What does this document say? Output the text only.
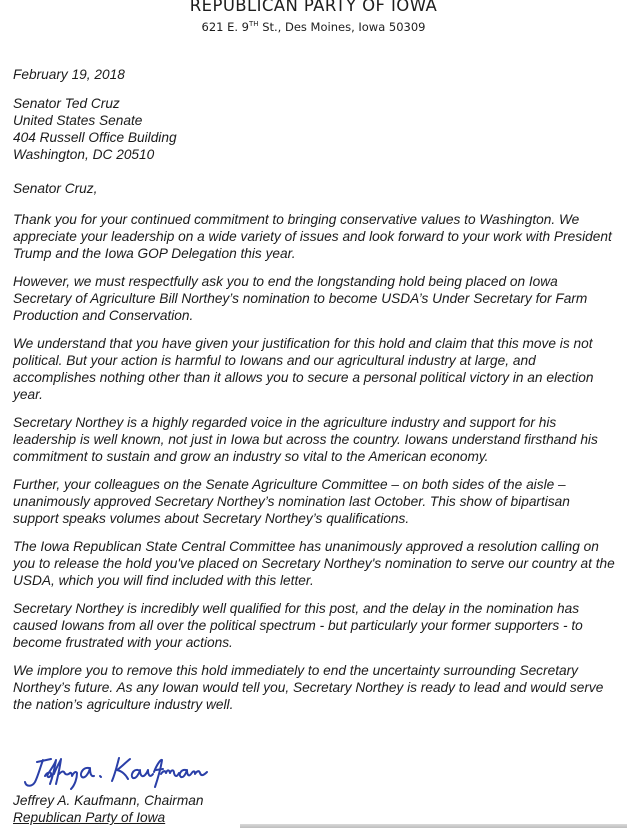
REPUBLICAN PARTY OF IOWA
621 E. 9TH St., Des Moines, Iowa 50309
February 19, 2018
Senator Ted Cruz
United States Senate
404 Russell Office Building
Washington, DC 20510
Senator Cruz,

Thank you for your continued commitment to bringing conservative values to Washington. We appreciate your leadership on a wide variety of issues and look forward to your work with President Trump and the Iowa GOP Delegation this year.

However, we must respectfully ask you to end the longstanding hold being placed on Iowa Secretary of Agriculture Bill Northey’s nomination to become USDA’s Under Secretary for Farm Production and Conservation.

We understand that you have given your justification for this hold and claim that this move is not political. But your action is harmful to Iowans and our agricultural industry at large, and accomplishes nothing other than it allows you to secure a personal political victory in an election year.

Secretary Northey is a highly regarded voice in the agriculture industry and support for his leadership is well known, not just in Iowa but across the country. Iowans understand firsthand his commitment to sustain and grow an industry so vital to the American economy.

Further, your colleagues on the Senate Agriculture Committee – on both sides of the aisle – unanimously approved Secretary Northey’s nomination last October. This show of bipartisan support speaks volumes about Secretary Northey’s qualifications.

The Iowa Republican State Central Committee has unanimously approved a resolution calling on you to release the hold you've placed on Secretary Northey's nomination to serve our country at the USDA, which you will find included with this letter.

Secretary Northey is incredibly well qualified for this post, and the delay in the nomination has caused Iowans from all over the political spectrum - but particularly your former supporters - to become frustrated with your actions.

We implore you to remove this hold immediately to end the uncertainty surrounding Secretary Northey’s future. As any Iowan would tell you, Secretary Northey is ready to lead and would serve the nation’s agriculture industry well.

Jeffrey A. Kaufmann, Chairman
Republican Party of Iowa
